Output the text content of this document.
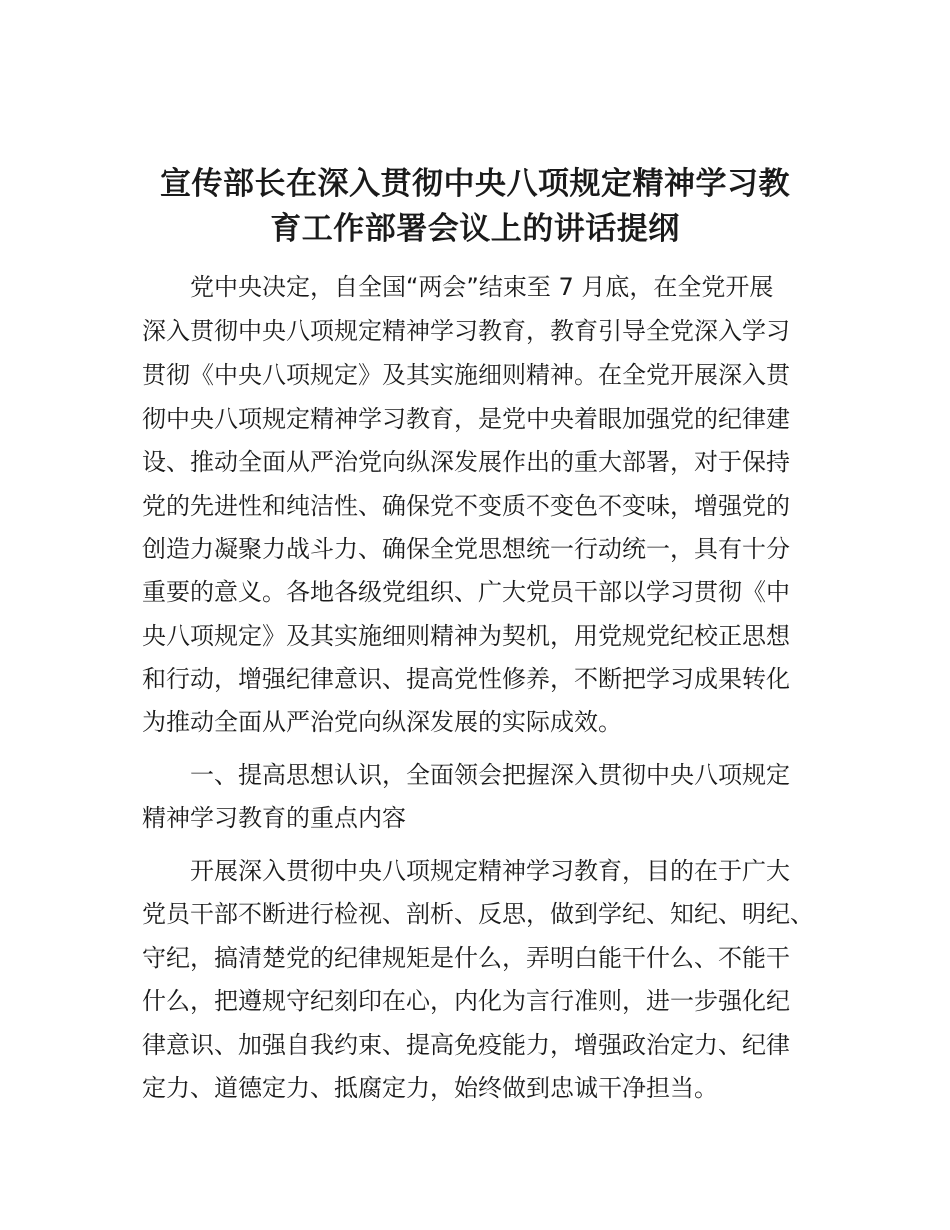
宣传部长在深入贯彻中央八项规定精神学习教
育工作部署会议上的讲话提纲

党中央决定，自全国“两会”结束至 7 月底，在全党开展

深入贯彻中央八项规定精神学习教育，教育引导全党深入学习

贯彻《中央八项规定》及其实施细则精神。在全党开展深入贯

彻中央八项规定精神学习教育，是党中央着眼加强党的纪律建

设、推动全面从严治党向纵深发展作出的重大部署，对于保持

党的先进性和纯洁性、确保党不变质不变色不变味，增强党的

创造力凝聚力战斗力、确保全党思想统一行动统一，具有十分

重要的意义。各地各级党组织、广大党员干部以学习贯彻《中

央八项规定》及其实施细则精神为契机，用党规党纪校正思想

和行动，增强纪律意识、提高党性修养，不断把学习成果转化

为推动全面从严治党向纵深发展的实际成效。

一、提高思想认识，全面领会把握深入贯彻中央八项规定

精神学习教育的重点内容

开展深入贯彻中央八项规定精神学习教育，目的在于广大

党员干部不断进行检视、剖析、反思，做到学纪、知纪、明纪、

守纪，搞清楚党的纪律规矩是什么，弄明白能干什么、不能干

什么，把遵规守纪刻印在心，内化为言行准则，进一步强化纪

律意识、加强自我约束、提高免疫能力，增强政治定力、纪律

定力、道德定力、抵腐定力，始终做到忠诚干净担当。
